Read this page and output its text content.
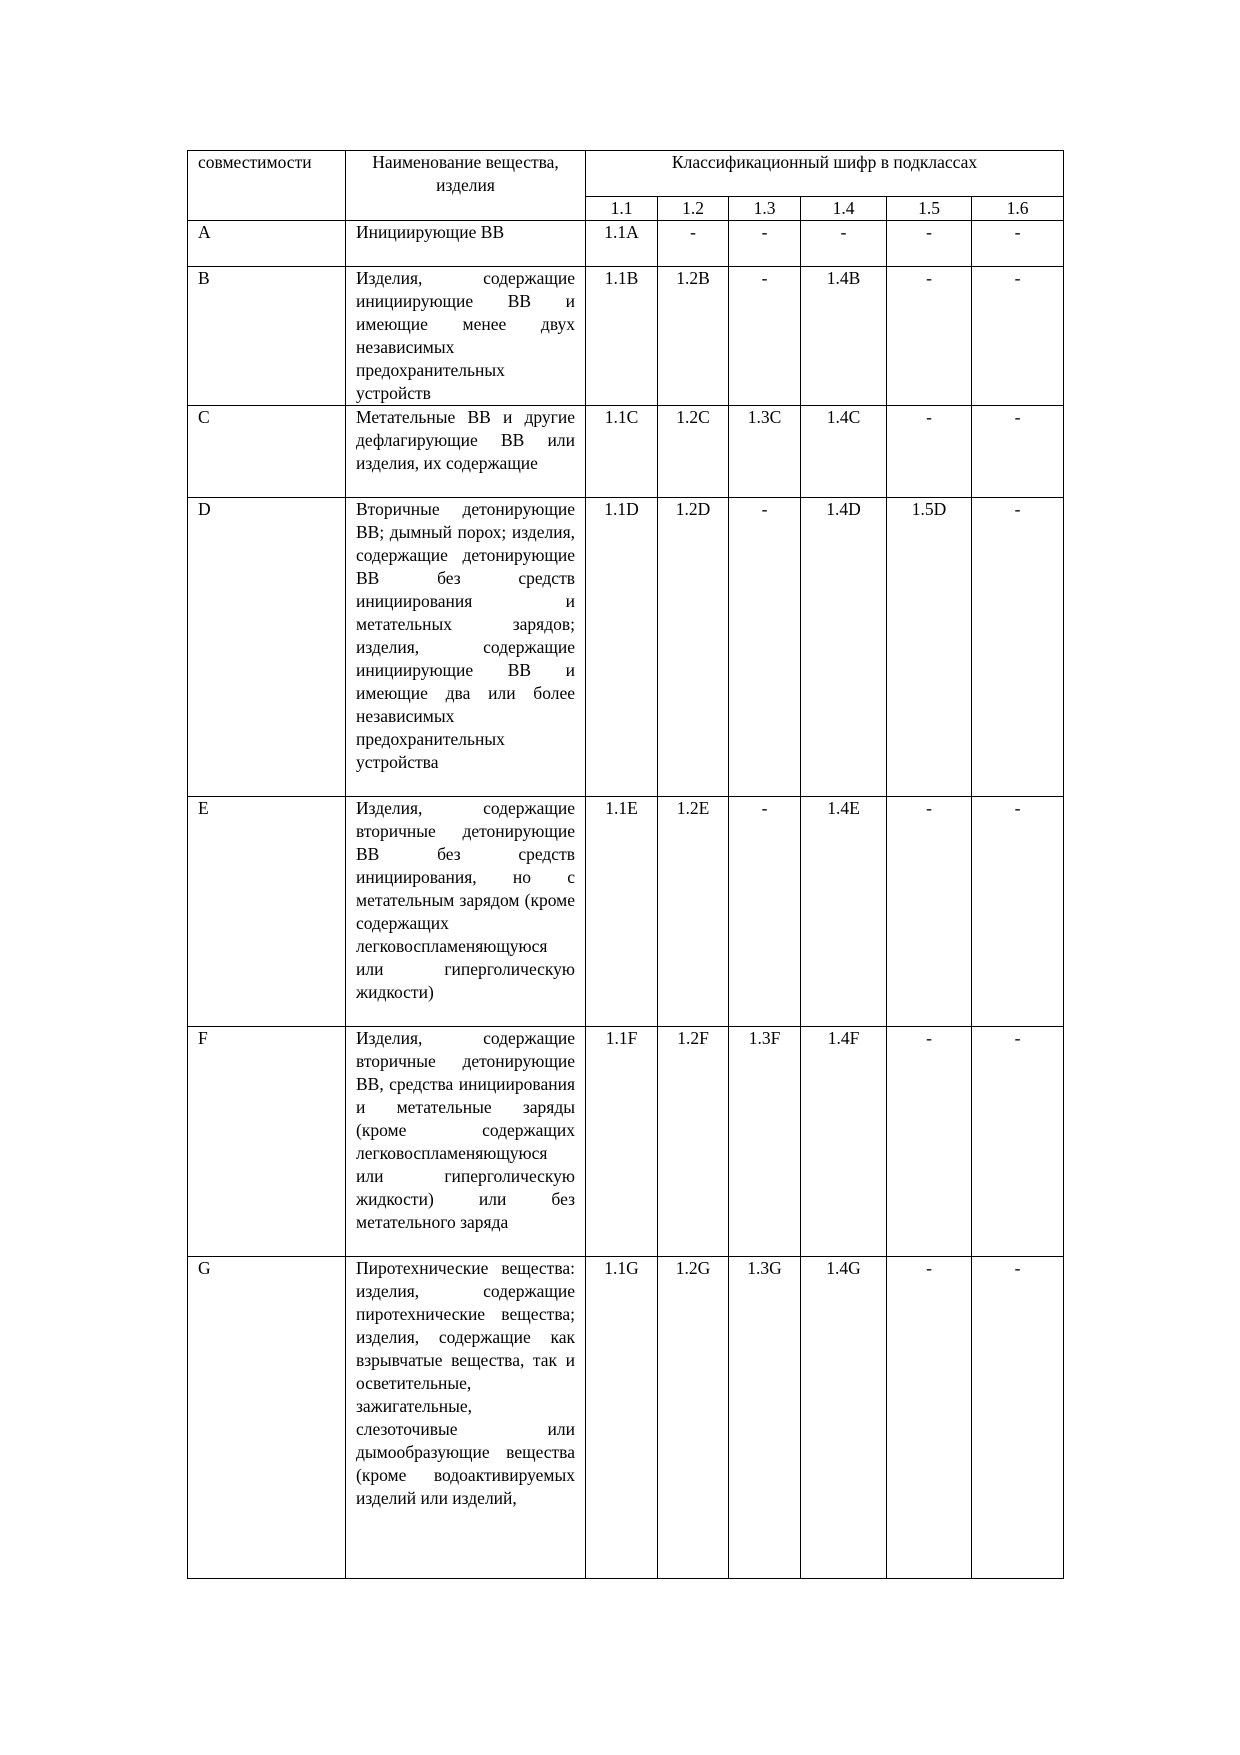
совместимости	Наименование вещества, изделия	Классификационный шифр в подклассах					
		1.1	1.2	1.3	1.4	1.5	1.6
A	Инициирующие ВВ	1.1A	-	-	-	-	-
B	Изделия, содержащие инициирующие ВВ и имеющие менее двух независимых предохранительных устройств	1.1B	1.2B	-	1.4B	-	-
C	Метательные ВВ и другие дефлагирующие ВВ или изделия, их содержащие	1.1C	1.2C	1.3C	1.4C	-	-
D	Вторичные детонирующие ВВ; дымный порох; изделия, содержащие детонирующие ВВ без средств инициирования и метательных зарядов; изделия, содержащие инициирующие ВВ и имеющие два или более независимых предохранительных устройства	1.1D	1.2D	-	1.4D	1.5D	-
E	Изделия, содержащие вторичные детонирующие ВВ без средств инициирования, но с метательным зарядом (кроме содержащих легковоспламеняющуюся или гиперголическую жидкости)	1.1E	1.2E	-	1.4E	-	-
F	Изделия, содержащие вторичные детонирующие ВВ, средства инициирования и метательные заряды (кроме содержащих легковоспламеняющуюся или гиперголическую жидкости) или без метательного заряда	1.1F	1.2F	1.3F	1.4F	-	-
G	Пиротехнические вещества: изделия, содержащие пиротехнические вещества; изделия, содержащие как взрывчатые вещества, так и осветительные, зажигательные, слезоточивые или дымообразующие вещества (кроме водоактивируемых изделий или изделий,	1.1G	1.2G	1.3G	1.4G	-	-
